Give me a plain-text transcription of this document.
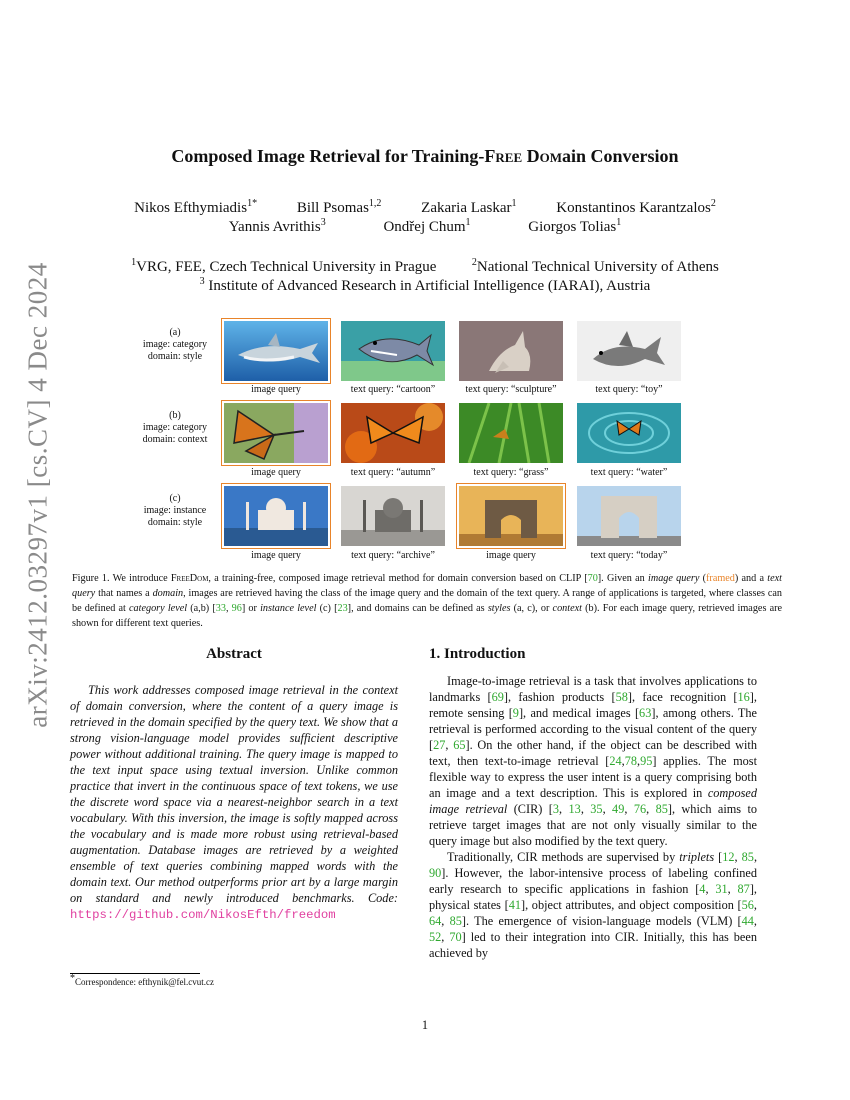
arXiv:2412.03297v1 [cs.CV] 4 Dec 2024
Composed Image Retrieval for Training-Free Domain Conversion
Nikos Efthymiadis$^{1*}$	Bill Psomas$^{1,2}$	Zakaria Laskar$^1$	Konstantinos Karantzalos$^2$
Yannis Avrithis$^3$	Ondřej Chum$^1$	Giorgos Tolias$^1$
$^1$VRG, FEE, Czech Technical University in Prague	$^2$National Technical University of Athens
$^3$ Institute of Advanced Research in Artificial Intelligence (IARAI), Austria
(a)
image: category
domain: style
(b)
image: category
domain: context
(c)
image: instance
domain: style
image query	text query: “cartoon”	text query: “sculpture”	text query: “toy”
image query	text query: “autumn”	text query: “grass”	text query: “water”
image query	text query: “archive”	image query	text query: “today”
Figure 1. We introduce FreeDom, a training-free, composed image retrieval method for domain conversion based on CLIP [70]. Given an image query (framed) and a text query that names a domain, images are retrieved having the class of the image query and the domain of the text query. A range of applications is targeted, where classes can be defined at category level (a,b) [33, 96] or instance level (c) [23], and domains can be defined as styles (a, c), or context (b). For each image query, retrieved images are shown for different text queries.
Abstract
This work addresses composed image retrieval in the context of domain conversion, where the content of a query image is retrieved in the domain specified by the query text. We show that a strong vision-language model provides sufficient descriptive power without additional training. The query image is mapped to the text input space using textual inversion. Unlike common practice that invert in the continuous space of text tokens, we use the discrete word space via a nearest-neighbor search in a text vocabulary. With this inversion, the image is softly mapped across the vocabulary and is made more robust using retrieval-based augmentation. Database images are retrieved by a weighted ensemble of text queries combining mapped words with the domain text. Our method outperforms prior art by a large margin on standard and newly introduced benchmarks. Code: https://github.com/NikosEfth/freedom
1. Introduction
Image-to-image retrieval is a task that involves applications to landmarks [69], fashion products [58], face recognition [16], remote sensing [9], and medical images [63], among others. The retrieval is performed according to the visual content of the query [27, 65]. On the other hand, if the object can be described with text, then text-to-image retrieval [24,78,95] applies. The most flexible way to express the user intent is a query comprising both an image and a text description. This is explored in composed image retrieval (CIR) [3, 13, 35, 49, 76, 85], which aims to retrieve target images that are not only visually similar to the query image but also modified by the text query.
Traditionally, CIR methods are supervised by triplets [12, 85, 90]. However, the labor-intensive process of labeling confined early research to specific applications in fashion [4, 31, 87], physical states [41], object attributes, and object composition [56, 64, 85]. The emergence of vision-language models (VLM) [44, 52, 70] led to their integration into CIR. Initially, this has been achieved by
*Correspondence: efthynik@fel.cvut.cz
1
